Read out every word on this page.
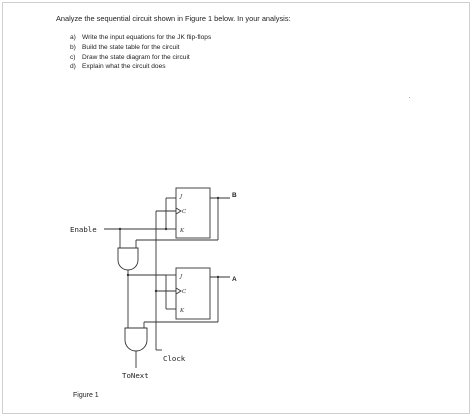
Analyze the sequential circuit shown in Figure 1 below. In your analysis:
a) Write the input equations for the JK flip-flops
b) Build the state table for the circuit
c) Draw the state diagram for the circuit
d) Explain what the circuit does
J
C
K
J
C
K
Enable
Clock
ToNext
B
A
Figure 1
